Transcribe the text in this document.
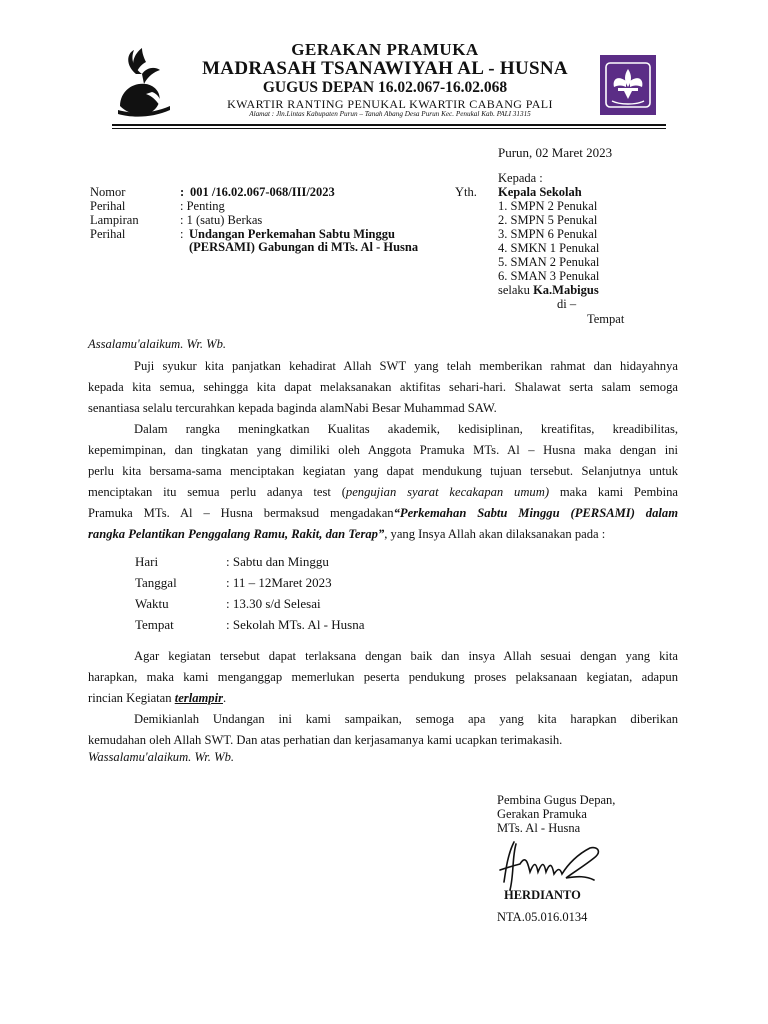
GERAKAN PRAMUKA
MADRASAH TSANAWIYAH AL - HUSNA
GUGUS DEPAN 16.02.067-16.02.068
KWARTIR RANTING PENUKAL KWARTIR CABANG PALI
Alamat : Jln.Lintas Kabupaten Purun – Tanah Abang Desa Purun Kec. Penukal Kab. PALI 31315
Purun, 02 Maret 2023
Nomor	: 001 /16.02.067-068/III/2023
Perihal	: Penting
Lampiran	: 1 (satu) Berkas
Perihal	: Undangan Perkemahan Sabtu Minggu
(PERSAMI) Gabungan di MTs. Al - Husna
Kepada :
Yth. Kepala Sekolah
1. SMPN 2 Penukal
2. SMPN 5 Penukal
3. SMPN 6 Penukal
4. SMKN 1 Penukal
5. SMAN 2 Penukal
6. SMAN 3 Penukal
selaku Ka.Mabigus
di –
Tempat
Assalamu'alaikum. Wr. Wb.
Puji syukur kita panjatkan kehadirat Allah SWT yang telah memberikan rahmat dan hidayahnya
kepada kita semua, sehingga kita dapat melaksanakan aktifitas sehari-hari. Shalawat serta salam semoga
senantiasa selalu tercurahkan kepada baginda alamNabi Besar Muhammad SAW.
Dalam rangka meningkatkan Kualitas akademik, kedisiplinan, kreatifitas, kreadibilitas,
kepemimpinan, dan tingkatan yang dimiliki oleh Anggota Pramuka MTs. Al – Husna maka dengan ini
perlu kita bersama-sama menciptakan kegiatan yang dapat mendukung tujuan tersebut. Selanjutnya untuk
menciptakan itu semua perlu adanya test (pengujian syarat kecakapan umum) maka kami Pembina
Pramuka MTs. Al – Husna bermaksud mengadakan“Perkemahan Sabtu Minggu (PERSAMI) dalam
rangka Pelantikan Penggalang Ramu, Rakit, dan Terap”, yang Insya Allah akan dilaksanakan pada :
Hari	: Sabtu dan Minggu
Tanggal	: 11 – 12Maret 2023
Waktu	: 13.30 s/d Selesai
Tempat	: Sekolah MTs. Al - Husna
Agar kegiatan tersebut dapat terlaksana dengan baik dan insya Allah sesuai dengan yang kita
harapkan, maka kami menganggap memerlukan peserta pendukung proses pelaksanaan kegiatan, adapun
rincian Kegiatan terlampir.
Demikianlah Undangan ini kami sampaikan, semoga apa yang kita harapkan diberikan
kemudahan oleh Allah SWT. Dan atas perhatian dan kerjasamanya kami ucapkan terimakasih.
Wassalamu'alaikum. Wr. Wb.
Pembina Gugus Depan,
Gerakan Pramuka
MTs. Al - Husna
HERDIANTO
NTA.05.016.0134
